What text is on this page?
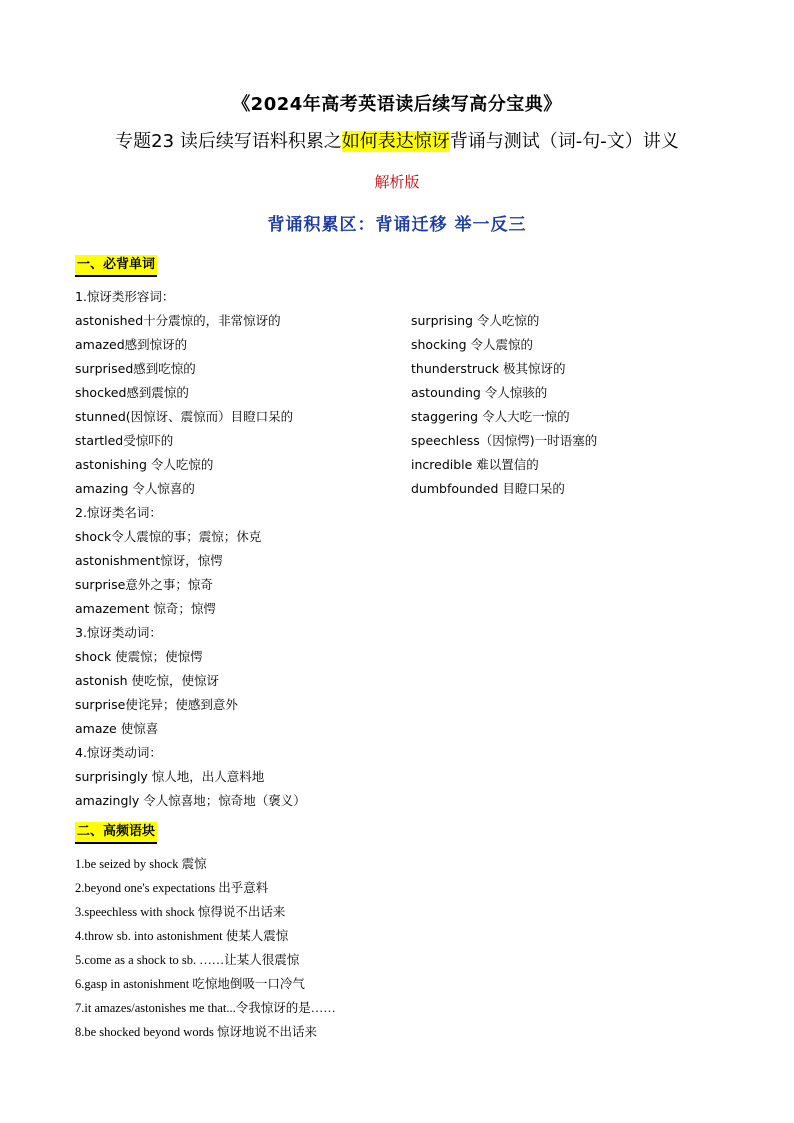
《2024年高考英语读后续写高分宝典》
专题23 读后续写语料积累之如何表达惊讶背诵与测试（词-句-文）讲义
解析版
背诵积累区：背诵迁移 举一反三
一、必背单词
1.惊讶类形容词：
astonished十分震惊的，非常惊讶的
amazed感到惊讶的
surprised感到吃惊的
shocked感到震惊的
stunned(因惊讶、震惊而）目瞪口呆的
startled受惊吓的
astonishing 令人吃惊的
amazing 令人惊喜的
2.惊讶类名词：
shock令人震惊的事；震惊；休克
astonishment惊讶，惊愕
surprise意外之事；惊奇
amazement 惊奇；惊愕
3.惊讶类动词：
shock 使震惊；使惊愕
astonish 使吃惊，使惊讶
surprise使诧异；使感到意外
amaze 使惊喜
4.惊讶类动词：
surprisingly 惊人地，出人意料地
amazingly 令人惊喜地；惊奇地（褒义）
surprising 令人吃惊的
shocking 令人震惊的
thunderstruck 极其惊讶的
astounding 令人惊骇的
staggering 令人大吃一惊的
speechless（因惊愕)一时语塞的
incredible 难以置信的
dumbfounded 目瞪口呆的
二、高频语块
1.be seized by shock 震惊
2.beyond one's expectations 出乎意料
3.speechless with shock 惊得说不出话来
4.throw sb. into astonishment 使某人震惊
5.come as a shock to sb. ……让某人很震惊
6.gasp in astonishment 吃惊地倒吸一口冷气
7.it amazes/astonishes me that...令我惊讶的是……
8.be shocked beyond words 惊讶地说不出话来
